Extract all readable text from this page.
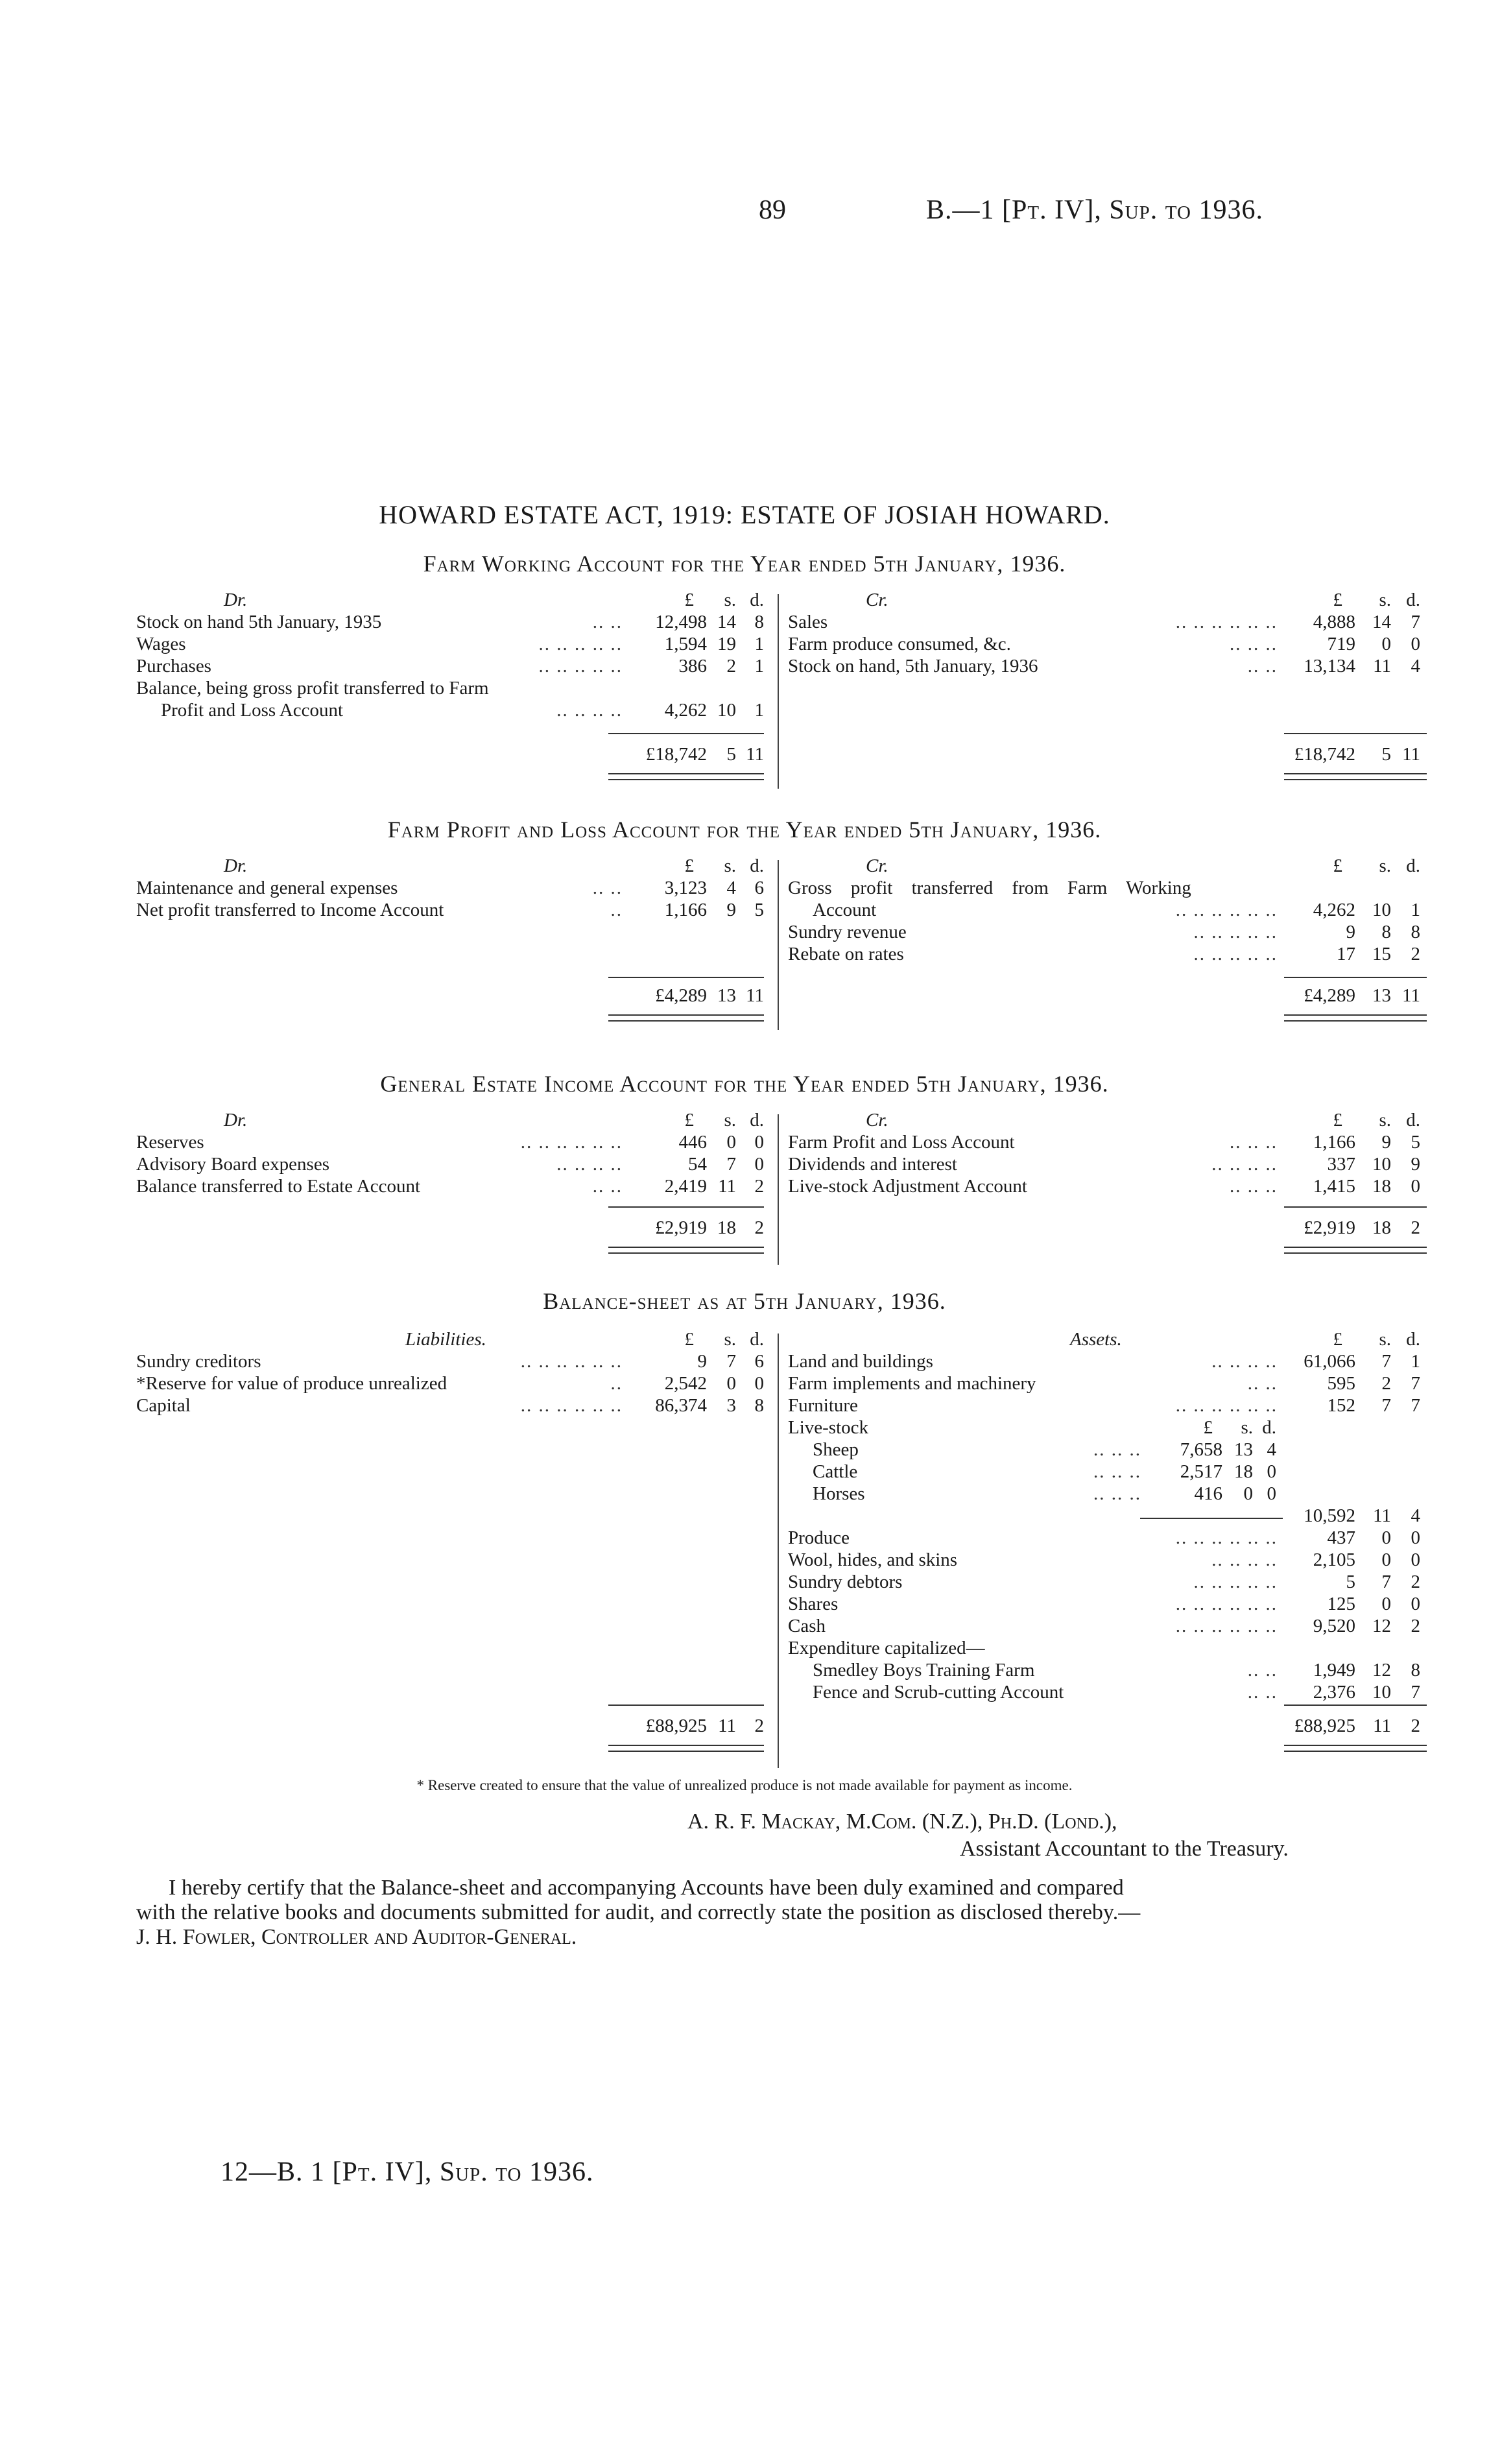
89	B.—1 [Pt. IV], Sup. to 1936.
HOWARD ESTATE ACT, 1919: ESTATE OF JOSIAH HOWARD.
Farm Working Account for the Year ended 5th January, 1936.
Dr.	£ s. d.
Stock on hand 5th January, 1935	.. .. 12,498 14 8
Wages	.. .. .. .. .. 1,594 19 1
Purchases	.. .. .. .. ..	386 2 1
Balance, being gross profit transferred to Farm
Profit and Loss Account	.. .. .. .. 4,262 10 1
£18,742 5 11
Cr.	£ s. d.
Sales	.. .. .. .. .. .. 4,888 14 7
Farm produce consumed, &c.	.. .. ..	719 0 0
Stock on hand, 5th January, 1936	.. .. 13,134 11 4
£18,742 5 11
Farm Profit and Loss Account for the Year ended 5th January, 1936.
Dr.	£ s. d.
Maintenance and general expenses	.. .. 3,123 4 6
Net profit transferred to Income Account	.. 1,166 9 5
£4,289 13 11
Cr.	£ s. d.
Gross profit transferred from Farm Working
Account	.. .. .. .. .. .. 4,262 10 1
Sundry revenue	.. .. .. .. ..	9 8 8
Rebate on rates	.. .. .. .. ..	17 15 2
£4,289 13 11
General Estate Income Account for the Year ended 5th January, 1936.
Dr.	£ s. d.
Reserves	.. .. .. .. .. ..	446 0 0
Advisory Board expenses	.. .. .. ..	54 7 0
Balance transferred to Estate Account	.. .. 2,419 11 2
£2,919 18 2
Cr.	£ s. d.
Farm Profit and Loss Account	.. .. .. 1,166 9 5
Dividends and interest	.. .. .. ..	337 10 9
Live-stock Adjustment Account	.. .. .. 1,415 18 0
£2,919 18 2
Balance-sheet as at 5th January, 1936.
Liabilities.	£ s. d.
Sundry creditors	.. .. .. .. .. ..	9 7 6
*Reserve for value of produce unrealized	.. 2,542 0 0
Capital	.. .. .. .. .. .. 86,374 3 8
£88,925 11 2
Assets.	£ s. d.
Land and buildings	.. .. .. .. 61,066 7 1
Farm implements and machinery	.. ..	595 2 7
Furniture	.. .. .. .. .. ..	152 7 7
Live-stock	£ s. d.
Sheep	.. .. .. 7,658 13 4
Cattle	.. .. .. 2,517 18 0
Horses	.. .. ..	416 0 0
10,592 11 4
Produce	.. .. .. .. .. ..	437 0 0
Wool, hides, and skins	.. .. .. .. 2,105 0 0
Sundry debtors	.. .. .. .. ..	5 7 2
Shares	.. .. .. .. .. ..	125 0 0
Cash	.. .. .. .. .. .. 9,520 12 2
Expenditure capitalized—
Smedley Boys Training Farm	.. .. 1,949 12 8
Fence and Scrub-cutting Account	.. .. 2,376 10 7
£88,925 11 2
* Reserve created to ensure that the value of unrealized produce is not made available for payment as income.
A. R. F. Mackay, M.Com. (N.Z.), Ph.D. (Lond.),
Assistant Accountant to the Treasury.
I hereby certify that the Balance-sheet and accompanying Accounts have been duly examined and compared
with the relative books and documents submitted for audit, and correctly state the position as disclosed thereby.—
J. H. Fowler, Controller and Auditor-General.
12—B. 1 [Pt. IV], Sup. to 1936.
